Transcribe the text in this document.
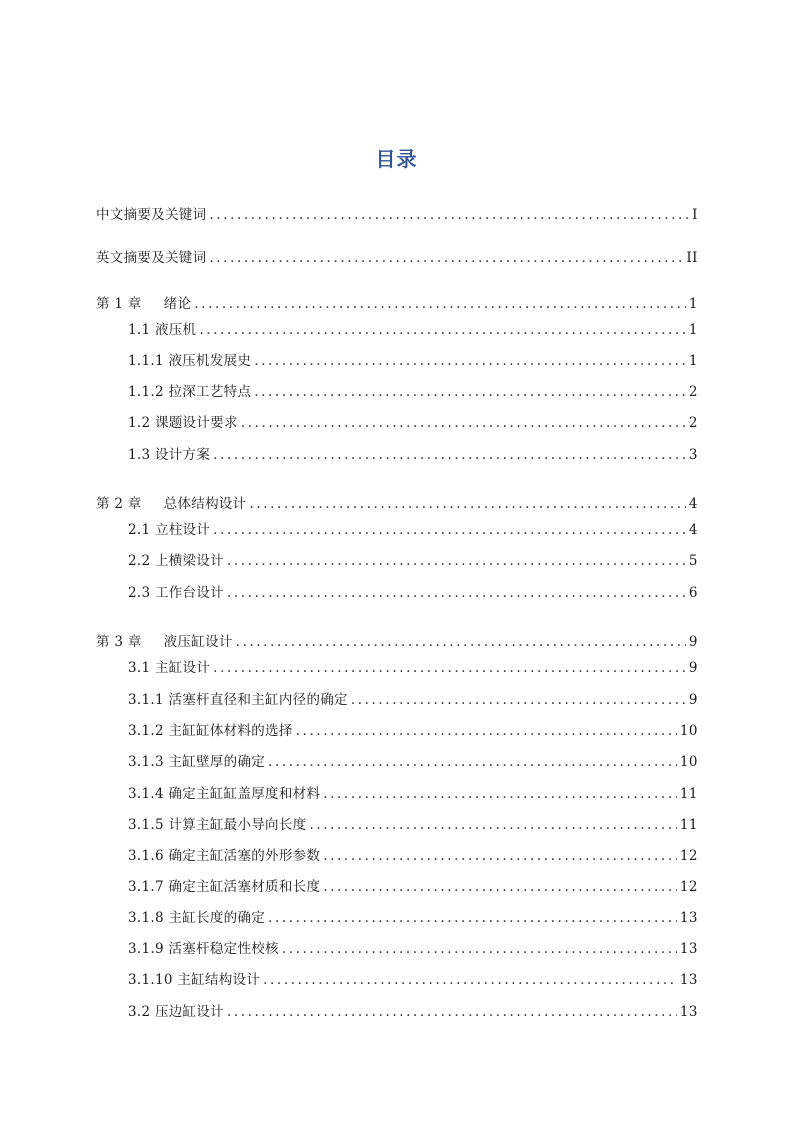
目录
中文摘要及关键词 .....	I
英文摘要及关键词 .....	II
第 1 章 绪论 .....	1
1.1 液压机 .....	1
1.1.1 液压机发展史 .....	1
1.1.2 拉深工艺特点 .....	2
1.2 课题设计要求 .....	2
1.3 设计方案 .....	3
第 2 章 总体结构设计 .....	4
2.1 立柱设计 .....	4
2.2 上横梁设计 .....	5
2.3 工作台设计 .....	6
第 3 章 液压缸设计 .....	9
3.1 主缸设计 .....	9
3.1.1 活塞杆直径和主缸内径的确定 .....	9
3.1.2 主缸缸体材料的选择 .....	10
3.1.3 主缸壁厚的确定 .....	10
3.1.4 确定主缸缸盖厚度和材料 .....	11
3.1.5 计算主缸最小导向长度 .....	11
3.1.6 确定主缸活塞的外形参数 .....	12
3.1.7 确定主缸活塞材质和长度 .....	12
3.1.8 主缸长度的确定 .....	13
3.1.9 活塞杆稳定性校核 .....	13
3.1.10 主缸结构设计 .....	13
3.2 压边缸设计 .....	13
